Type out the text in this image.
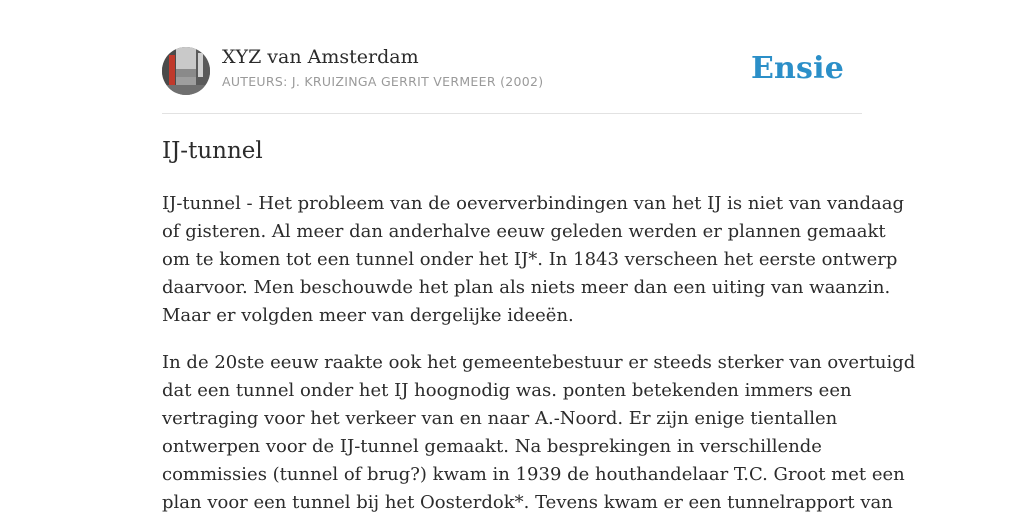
XYZ van Amsterdam
AUTEURS: J. KRUIZINGA GERRIT VERMEER (2002)	Ensie
IJ-tunnel

IJ-tunnel - Het probleem van de oeververbindingen van het IJ is niet van vandaag
of gisteren. Al meer dan anderhalve eeuw geleden werden er plannen gemaakt
om te komen tot een tunnel onder het IJ*. In 1843 verscheen het eerste ontwerp
daarvoor. Men beschouwde het plan als niets meer dan een uiting van waanzin.
Maar er volgden meer van dergelijke ideeën.

In de 20ste eeuw raakte ook het gemeentebestuur er steeds sterker van overtuigd
dat een tunnel onder het IJ hoognodig was. ponten betekenden immers een
vertraging voor het verkeer van en naar A.-Noord. Er zijn enige tientallen
ontwerpen voor de IJ-tunnel gemaakt. Na besprekingen in verschillende
commissies (tunnel of brug?) kwam in 1939 de houthandelaar T.C. Groot met een
plan voor een tunnel bij het Oosterdok*. Tevens kwam er een tunnelrapport van
